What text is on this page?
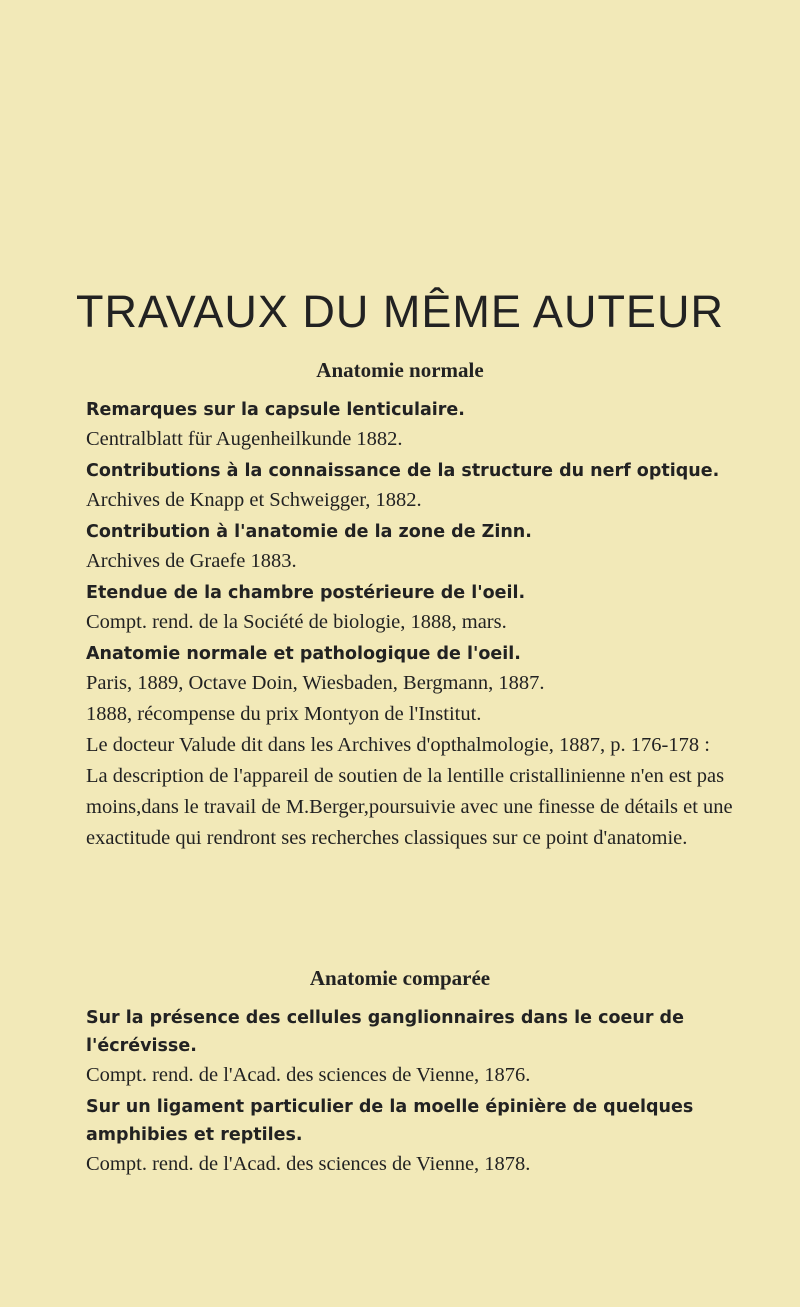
TRAVAUX DU MÊME AUTEUR
Anatomie normale

Remarques sur la capsule lenticulaire.

Centralblatt für Augenheilkunde 1882.

Contributions à la connaissance de la structure du nerf optique.

Archives de Knapp et Schweigger, 1882.

Contribution à l'anatomie de la zone de Zinn.

Archives de Graefe 1883.

Etendue de la chambre postérieure de l'oeil.

Compt. rend. de la Société de biologie, 1888, mars.

Anatomie normale et pathologique de l'oeil.

Paris, 1889, Octave Doin, Wiesbaden, Bergmann, 1887.
1888, récompense du prix Montyon de l'Institut.
Le docteur Valude dit dans les Archives d'opthalmologie, 1887, p. 176-178 :
La description de l'appareil de soutien de la lentille cristallinienne n'en est pas moins,dans le travail de M.Berger,poursuivie avec une finesse de détails et une exactitude qui rendront ses recherches classiques sur ce point d'anatomie.

Anatomie comparée

Sur la présence des cellules ganglionnaires dans le coeur de l'écrévisse.

Compt. rend. de l'Acad. des sciences de Vienne, 1876.

Sur un ligament particulier de la moelle épinière de quelques amphibies et reptiles.

Compt. rend. de l'Acad. des sciences de Vienne, 1878.
